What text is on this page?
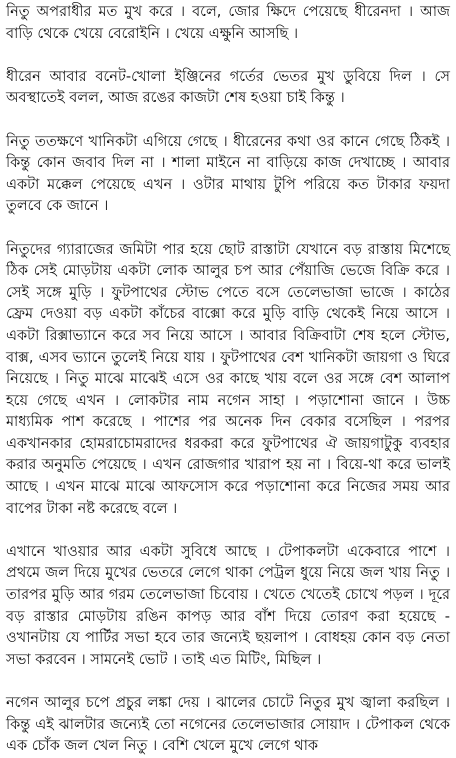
নিতু অপরাধীর মত মুখ করে । বলে, জোর ক্ষিদে পেয়েছে ধীরেনদা । আজ বাড়ি থেকে খেয়ে বেরোইনি । খেয়ে এক্ষুনি আসছি ।

ধীরেন আবার বনেট-খোলা ইঞ্জিনের গর্তের ভেতর মুখ ডুবিয়ে দিল । সে অবস্থাতেই বলল, আজ রঙের কাজটা শেষ হওয়া চাই কিন্তু ।

নিতু ততক্ষণে খানিকটা এগিয়ে গেছে । ধীরেনের কথা ওর কানে গেছে ঠিকই । কিন্তু কোন জবাব দিল না । শালা মাইনে না বাড়িয়ে কাজ দেখাচ্ছে । আবার একটা মক্কেল পেয়েছে এখন । ওটার মাথায় টুপি পরিয়ে কত টাকার ফয়দা তুলবে কে জানে ।

নিতুদের গ্যারাজের জমিটা পার হয়ে ছোট রাস্তাটা যেখানে বড় রাস্তায় মিশেছে ঠিক সেই মোড়টায় একটা লোক আলুর চপ আর পেঁয়াজি ভেজে বিক্রি করে । সেই সঙ্গে মুড়ি । ফুটপাথের স্টোভ পেতে বসে তেলেভাজা ভাজে । কাঠের ফ্রেম দেওয়া বড় একটা কাঁচের বাক্সো করে মুড়ি বাড়ি থেকেই নিয়ে আসে । একটা রিক্সাভ্যানে করে সব নিয়ে আসে । আবার বিক্রিবাটা শেষ হলে স্টোভ, বাক্স, এসব ভ্যানে তুলেই নিয়ে যায় । ফুটপাথের বেশ খানিকটা জায়গা ও ঘিরে নিয়েছে । নিতু মাঝে মাঝেই এসে ওর কাছে খায় বলে ওর সঙ্গে বেশ আলাপ হয়ে গেছে এখন । লোকটার নাম নগেন সাহা । পড়াশোনা জানে । উচ্চ মাধ্যমিক পাশ করেছে । পাশের পর অনেক দিন বেকার বসেছিল । পরপর একখানকার হোমরাচোমরাদের ধরকরা করে ফুটপাথের ঐ জায়গাটুকু ব্যবহার করার অনুমতি পেয়েছে । এখন রোজগার খারাপ হয় না । বিয়ে-থা করে ভালই আছে । এখন মাঝে মাঝে আফসোস করে পড়াশোনা করে নিজের সময় আর বাপের টাকা নষ্ট করেছে বলে ।

এখানে খাওয়ার আর একটা সুবিধে আছে । টেপাকলটা একেবারে পাশে । প্রথমে জল দিয়ে মুখের ভেতরে লেগে থাকা পেট্রল ধুয়ে নিয়ে জল খায় নিতু । তারপর মুড়ি আর গরম তেলেভাজা চিবোয় । খেতে খেতেই চোখে পড়ল । দূরে বড় রাস্তার মোড়টায় রঙিন কাপড় আর বাঁশ দিয়ে তোরণ করা হয়েছে - ওখানটায় যে পার্টির সভা হবে তার জন্যেই ছয়লাপ । বোধহয় কোন বড় নেতা সভা করবেন । সামনেই ভোট । তাই এত মিটিং, মিছিল ।

নগেন আলুর চপে প্রচুর লঙ্কা দেয় । ঝালের চোটে নিতুর মুখ জ্বালা করছিল । কিন্তু এই ঝালটার জন্যেই তো নগেনের তেলেভাজার সোয়াদ । টেপাকল থেকে এক চোঁক জল খেল নিতু । বেশি খেলে মুখে লেগে থাক
